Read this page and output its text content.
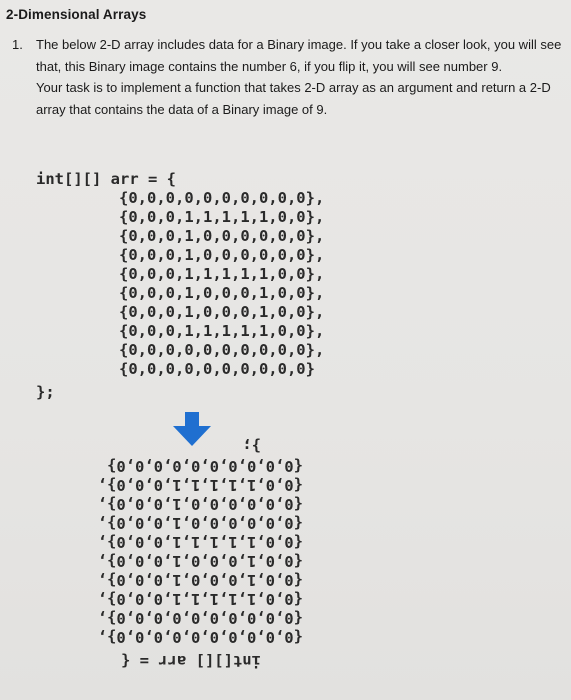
2-Dimensional Arrays
1. The below 2-D array includes data for a Binary image. If you take a closer look, you will see that, this Binary image contains the number 6, if you flip it, you will see number 9.

Your task is to implement a function that takes 2-D array as an argument and return a 2-D array that contains the data of a Binary image of 9.

int[][] arr = {
{0,0,0,0,0,0,0,0,0,0},
{0,0,0,1,1,1,1,1,0,0},
{0,0,0,1,0,0,0,0,0,0},
{0,0,0,1,0,0,0,0,0,0},
{0,0,0,1,1,1,1,1,0,0},
{0,0,0,1,0,0,0,1,0,0},
{0,0,0,1,0,0,0,1,0,0},
{0,0,0,1,1,1,1,1,0,0},
{0,0,0,0,0,0,0,0,0,0},
{0,0,0,0,0,0,0,0,0,0}
};
int[][] arr = {
{0,0,0,0,0,0,0,0,0,0},
{0,0,0,0,0,0,0,0,0,0},
{0,0,1,1,1,1,1,0,0,0},
{0,0,1,0,0,0,1,0,0,0},
{0,0,1,0,0,0,1,0,0,0},
{0,0,1,1,1,1,1,0,0,0},
{0,0,0,0,0,0,1,0,0,0},
{0,0,0,0,0,0,1,0,0,0},
{0,0,1,1,1,1,1,0,0,0},
{0,0,0,0,0,0,0,0,0,0}
};
